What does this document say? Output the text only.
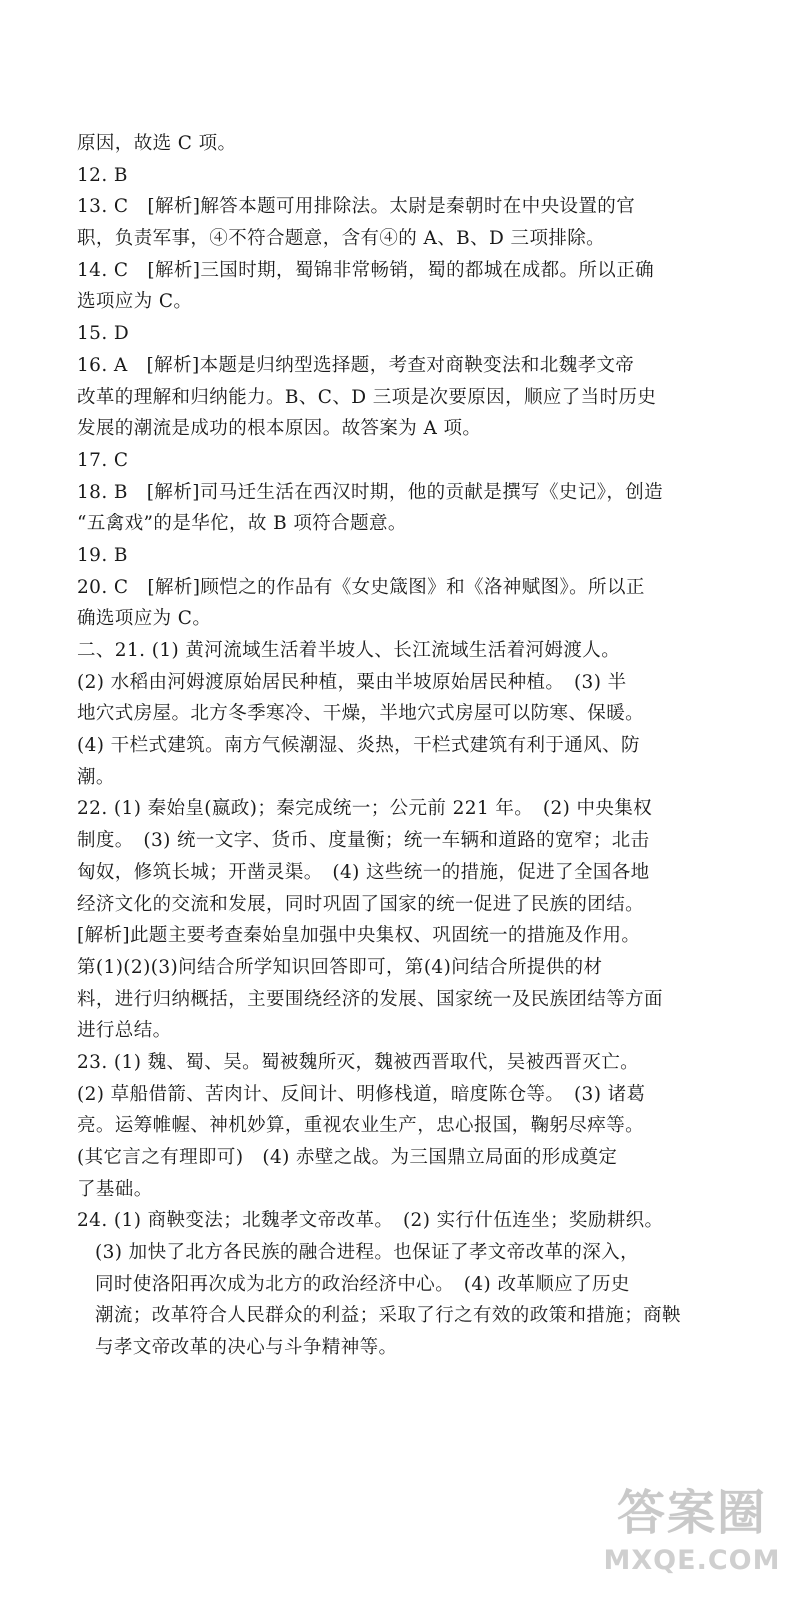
原因，故选 C 项。
12. B
13. C　[解析]解答本题可用排除法。太尉是秦朝时在中央设置的官
职，负责军事，④不符合题意，含有④的 A、B、D 三项排除。
14. C　[解析]三国时期，蜀锦非常畅销，蜀的都城在成都。所以正确
选项应为 C。
15. D
16. A　[解析]本题是归纳型选择题，考查对商鞅变法和北魏孝文帝
改革的理解和归纳能力。B、C、D 三项是次要原因，顺应了当时历史
发展的潮流是成功的根本原因。故答案为 A 项。
17. C
18. B　[解析]司马迁生活在西汉时期，他的贡献是撰写《史记》，创造
“五禽戏”的是华佗，故 B 项符合题意。
19. B
20. C　[解析]顾恺之的作品有《女史箴图》和《洛神赋图》。所以正
确选项应为 C。
二、21. (1) 黄河流域生活着半坡人、长江流域生活着河姆渡人。
(2) 水稻由河姆渡原始居民种植，粟由半坡原始居民种植。　(3) 半
地穴式房屋。北方冬季寒冷、干燥，半地穴式房屋可以防寒、保暖。
(4) 干栏式建筑。南方气候潮湿、炎热，干栏式建筑有利于通风、防
潮。
22. (1) 秦始皇(嬴政)；秦完成统一；公元前 221 年。　(2) 中央集权
制度。　(3) 统一文字、货币、度量衡；统一车辆和道路的宽窄；北击
匈奴，修筑长城；开凿灵渠。　(4) 这些统一的措施，促进了全国各地
经济文化的交流和发展，同时巩固了国家的统一促进了民族的团结。
[解析]此题主要考查秦始皇加强中央集权、巩固统一的措施及作用。
第(1)(2)(3)问结合所学知识回答即可，第(4)问结合所提供的材
料，进行归纳概括，主要围绕经济的发展、国家统一及民族团结等方面
进行总结。
23. (1) 魏、蜀、吴。蜀被魏所灭，魏被西晋取代，吴被西晋灭亡。
(2) 草船借箭、苦肉计、反间计、明修栈道，暗度陈仓等。　(3) 诸葛
亮。运筹帷幄、神机妙算，重视农业生产，忠心报国，鞠躬尽瘁等。
(其它言之有理即可)　(4) 赤壁之战。为三国鼎立局面的形成奠定
了基础。
24. (1) 商鞅变法；北魏孝文帝改革。　(2) 实行什伍连坐；奖励耕织。
(3) 加快了北方各民族的融合进程。也保证了孝文帝改革的深入，
同时使洛阳再次成为北方的政治经济中心。　(4) 改革顺应了历史
潮流；改革符合人民群众的利益；采取了行之有效的政策和措施；商鞅
与孝文帝改革的决心与斗争精神等。
答案圈
MXQE.COM
